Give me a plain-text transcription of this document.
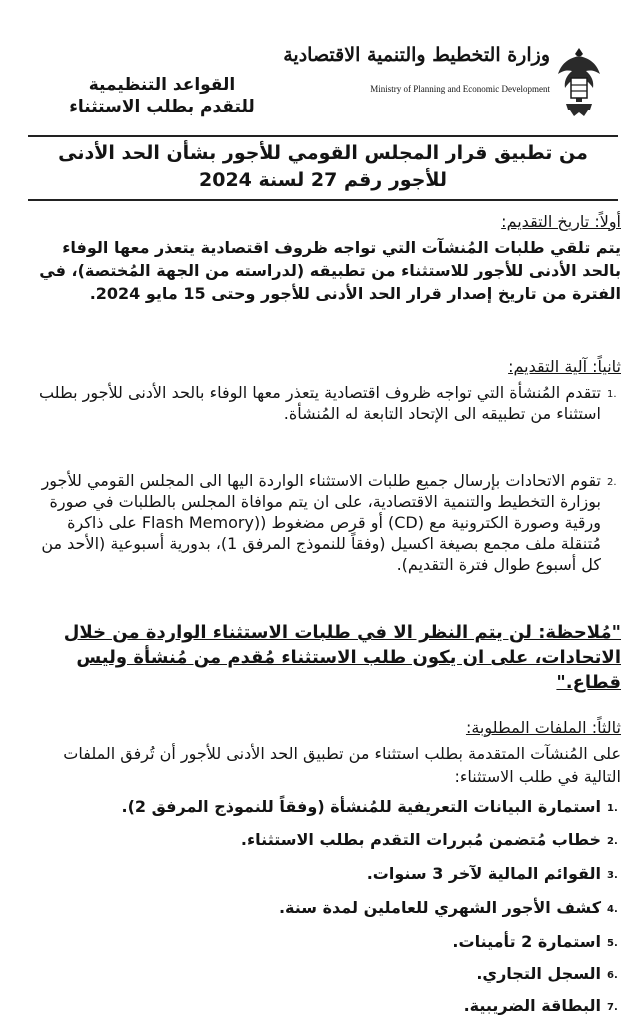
القواعد التنظيمية للتقدم بطلب الاستثناء
وزارة التخطيط والتنمية الاقتصادية
Ministry of Planning and Economic Development
من تطبيق قرار المجلس القومي للأجور بشأن الحد الأدنى للأجور رقم 27 لسنة 2024
أولاً: تاريخ التقديم:
يتم تلقي طلبات المُنشآت التي تواجه ظروف اقتصادية يتعذر معها الوفاء بالحد الأدنى للأجور للاستثناء من تطبيقه (لدراسته من الجهة المُختصة)، في الفترة من تاريخ إصدار قرار الحد الأدنى للأجور وحتى 15 مايو 2024.
ثانياً: آلية التقديم:
1.
تتقدم المُنشأة التي تواجه ظروف اقتصادية يتعذر معها الوفاء بالحد الأدنى للأجور بطلب استثناء من تطبيقه الى الإتحاد التابعة له المُنشأة.
2.
تقوم الاتحادات بإرسال جميع طلبات الاستثناء الواردة اليها الى المجلس القومي للأجور بوزارة التخطيط والتنمية الاقتصادية، على ان يتم موافاة المجلس بالطلبات في صورة ورقية وصورة الكترونية مع (CD) أو قرص مضغوط ((Flash Memory على ذاكرة مُتنقلة ملف مجمع بصيغة اكسيل (وفقاً للنموذج المرفق 1)، بدورية أسبوعية (الأحد من كل أسبوع طوال فترة التقديم).
"مُلاحظة: لن يتم النظر الا في طلبات الاستثناء الواردة من خلال الاتحادات، على ان يكون طلب الاستثناء مُقدم من مُنشأة وليس قطاع."
ثالثاً: الملفات المطلوبة:
على المُنشآت المتقدمة بطلب استثناء من تطبيق الحد الأدنى للأجور أن تُرفق الملفات التالية في طلب الاستثناء:
1.
استمارة البيانات التعريفية للمُنشأة (وفقاً للنموذج المرفق 2).
2.
خطاب مُتضمن مُبررات التقدم بطلب الاستثناء.
3.
القوائم المالية لآخر 3 سنوات.
4.
كشف الأجور الشهري للعاملين لمدة سنة.
5.
استمارة 2 تأمينات.
6.
السجل التجاري.
7.
البطاقة الضريبية.
